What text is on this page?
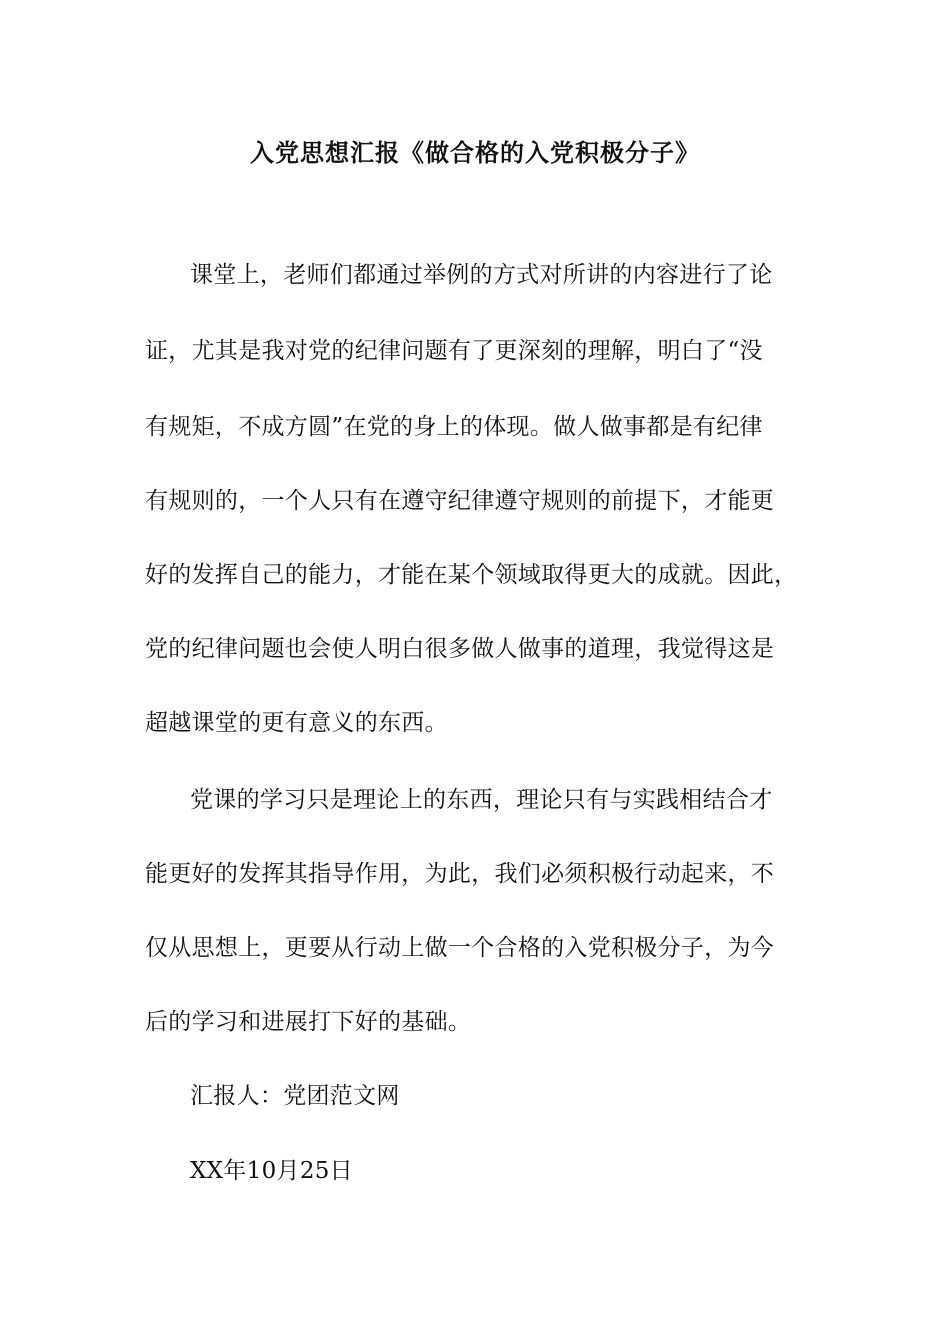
入党思想汇报《做合格的入党积极分子》
课堂上，老师们都通过举例的方式对所讲的内容进行了论
证，尤其是我对党的纪律问题有了更深刻的理解，明白了“没
有规矩，不成方圆”在党的身上的体现。做人做事都是有纪律
有规则的，一个人只有在遵守纪律遵守规则的前提下，才能更
好的发挥自己的能力，才能在某个领域取得更大的成就。因此，
党的纪律问题也会使人明白很多做人做事的道理，我觉得这是
超越课堂的更有意义的东西。
党课的学习只是理论上的东西，理论只有与实践相结合才
能更好的发挥其指导作用，为此，我们必须积极行动起来，不
仅从思想上，更要从行动上做一个合格的入党积极分子，为今
后的学习和进展打下好的基础。
汇报人：党团范文网
XX年10月25日
